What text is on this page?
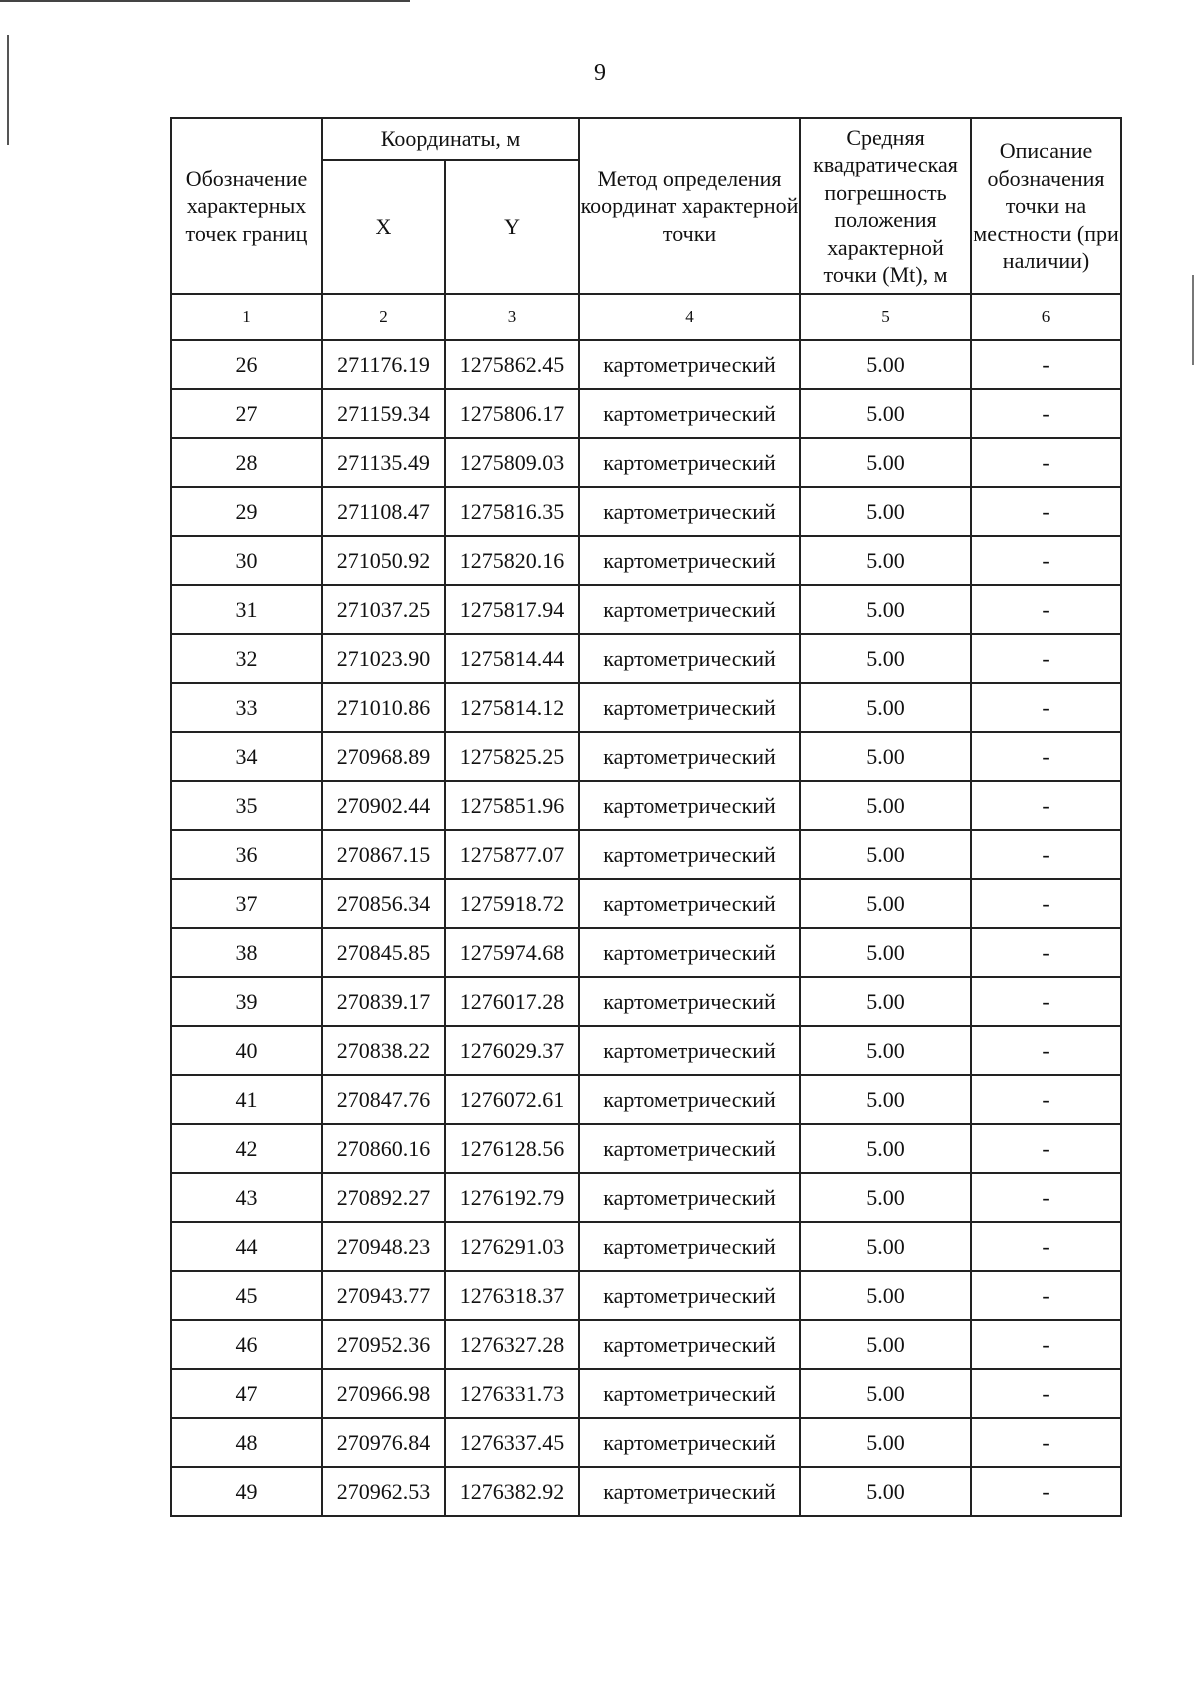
9
Обозначение характерных точек границ	Координаты, м		Метод определения координат характерной точки	Средняя квадратическая погрешность положения характерной точки (Mt), м	Описание обозначения точки на местности (при наличии)
	X	Y			
1	2	3	4	5	6
26	271176.19	1275862.45	картометрический	5.00	-
27	271159.34	1275806.17	картометрический	5.00	-
28	271135.49	1275809.03	картометрический	5.00	-
29	271108.47	1275816.35	картометрический	5.00	-
30	271050.92	1275820.16	картометрический	5.00	-
31	271037.25	1275817.94	картометрический	5.00	-
32	271023.90	1275814.44	картометрический	5.00	-
33	271010.86	1275814.12	картометрический	5.00	-
34	270968.89	1275825.25	картометрический	5.00	-
35	270902.44	1275851.96	картометрический	5.00	-
36	270867.15	1275877.07	картометрический	5.00	-
37	270856.34	1275918.72	картометрический	5.00	-
38	270845.85	1275974.68	картометрический	5.00	-
39	270839.17	1276017.28	картометрический	5.00	-
40	270838.22	1276029.37	картометрический	5.00	-
41	270847.76	1276072.61	картометрический	5.00	-
42	270860.16	1276128.56	картометрический	5.00	-
43	270892.27	1276192.79	картометрический	5.00	-
44	270948.23	1276291.03	картометрический	5.00	-
45	270943.77	1276318.37	картометрический	5.00	-
46	270952.36	1276327.28	картометрический	5.00	-
47	270966.98	1276331.73	картометрический	5.00	-
48	270976.84	1276337.45	картометрический	5.00	-
49	270962.53	1276382.92	картометрический	5.00	-
